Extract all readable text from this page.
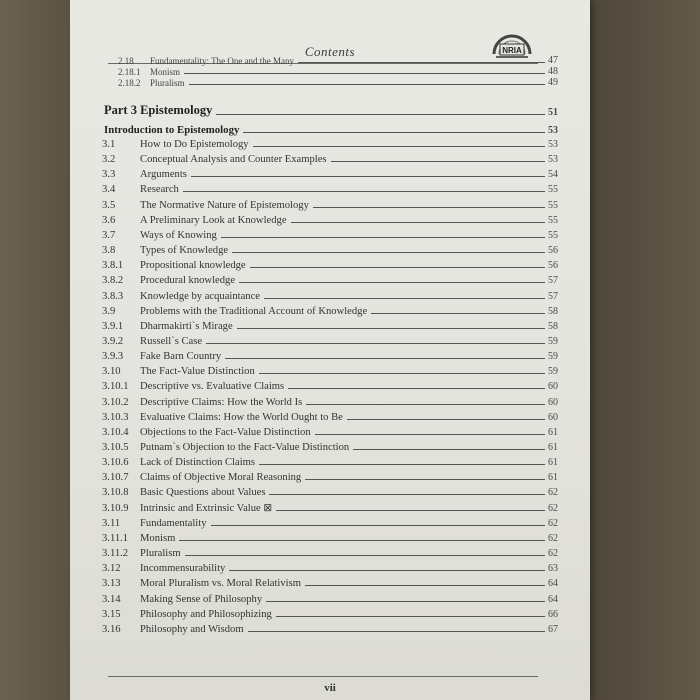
Contents	NRIA
2.18	Fundamentality: The One and the Many	47
2.18.1	Monism	48
2.18.2	Pluralism	49
Part 3 Epistemology	51
Introduction to Epistemology	53
3.1	How to Do Epistemology	53
3.2	Conceptual Analysis and Counter Examples	53
3.3	Arguments	54
3.4	Research	55
3.5	The Normative Nature of Epistemology	55
3.6	A Preliminary Look at Knowledge	55
3.7	Ways of Knowing	55
3.8	Types of Knowledge	56
3.8.1	Propositional knowledge	56
3.8.2	Procedural knowledge	57
3.8.3	Knowledge by acquaintance	57
3.9	Problems with the Traditional Account of Knowledge	58
3.9.1	Dharmakirti`s Mirage	58
3.9.2	Russell`s Case	59
3.9.3	Fake Barn Country	59
3.10	The Fact-Value Distinction	59
3.10.1	Descriptive vs. Evaluative Claims	60
3.10.2	Descriptive Claims: How the World Is	60
3.10.3	Evaluative Claims: How the World Ought to Be	60
3.10.4	Objections to the Fact-Value Distinction	61
3.10.5	Putnam`s Objection to the Fact-Value Distinction	61
3.10.6	Lack of Distinction Claims	61
3.10.7	Claims of Objective Moral Reasoning	61
3.10.8	Basic Questions about Values	62
3.10.9	Intrinsic and Extrinsic Value ⊠	62
3.11	Fundamentality	62
3.11.1	Monism	62
3.11.2	Pluralism	62
3.12	Incommensurability	63
3.13	Moral Pluralism vs. Moral Relativism	64
3.14	Making Sense of Philosophy	64
3.15	Philosophy and Philosophizing	66
3.16	Philosophy and Wisdom	67
vii
